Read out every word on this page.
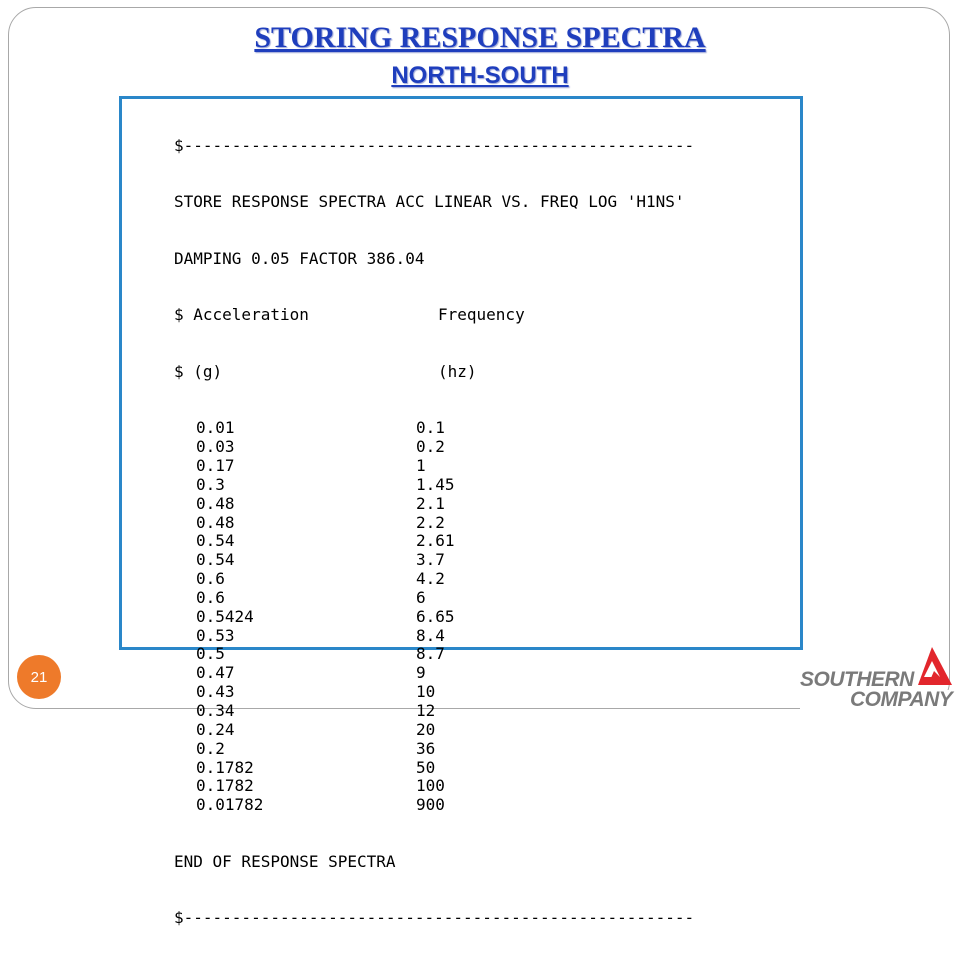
STORING RESPONSE SPECTRA
NORTH-SOUTH

$-----------------------------------------------------

STORE RESPONSE SPECTRA ACC LINEAR VS. FREQ LOG 'H1NS'

DAMPING 0.05 FACTOR 386.04

$ Acceleration	Frequency

$ (g)	(hz)

0.01	0.1
0.03	0.2
0.17	1
0.3	1.45
0.48	2.1
0.48	2.2
0.54	2.61
0.54	3.7
0.6	4.2
0.6	6
0.5424	6.65
0.53	8.4
0.5	8.7
0.47	9
0.43	10
0.34	12
0.24	20
0.2	36
0.1782	50
0.1782	100
0.01782	900

END OF RESPONSE SPECTRA

$-----------------------------------------------------

21	SOUTHERN
COMPANY
